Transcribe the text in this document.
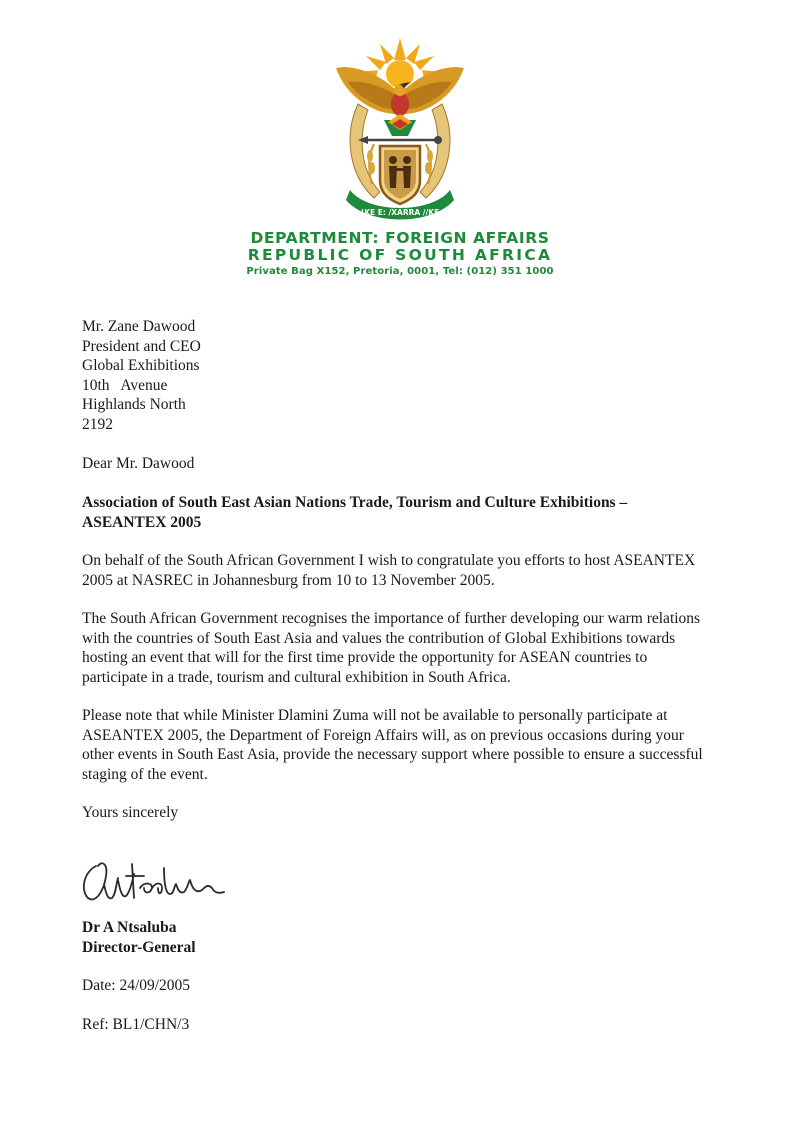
!KE E: /XARRA //KE
DEPARTMENT: FOREIGN AFFAIRS
REPUBLIC OF SOUTH AFRICA
Private Bag X152, Pretoria, 0001, Tel: (012) 351 1000
Mr. Zane Dawood
President and CEO
Global Exhibitions
10th   Avenue
Highlands North
2192
Dear Mr. Dawood
Association of South East Asian Nations Trade, Tourism and Culture Exhibitions –
ASEANTEX 2005
On behalf of the South African Government I wish to congratulate you efforts to host ASEANTEX
2005 at NASREC in Johannesburg from 10 to 13 November 2005.
The South African Government recognises the importance of further developing our warm relations
with the countries of South East Asia and values the contribution of Global Exhibitions towards
hosting an event that will for the first time provide the opportunity for ASEAN countries to
participate in a trade, tourism and cultural exhibition in South Africa.
Please note that while Minister Dlamini Zuma will not be available to personally participate at
ASEANTEX 2005, the Department of Foreign Affairs will, as on previous occasions during your
other events in South East Asia, provide the necessary support where possible to ensure a successful
staging of the event.
Yours sincerely
Dr A Ntsaluba
Director-General
Date: 24/09/2005
Ref: BL1/CHN/3
